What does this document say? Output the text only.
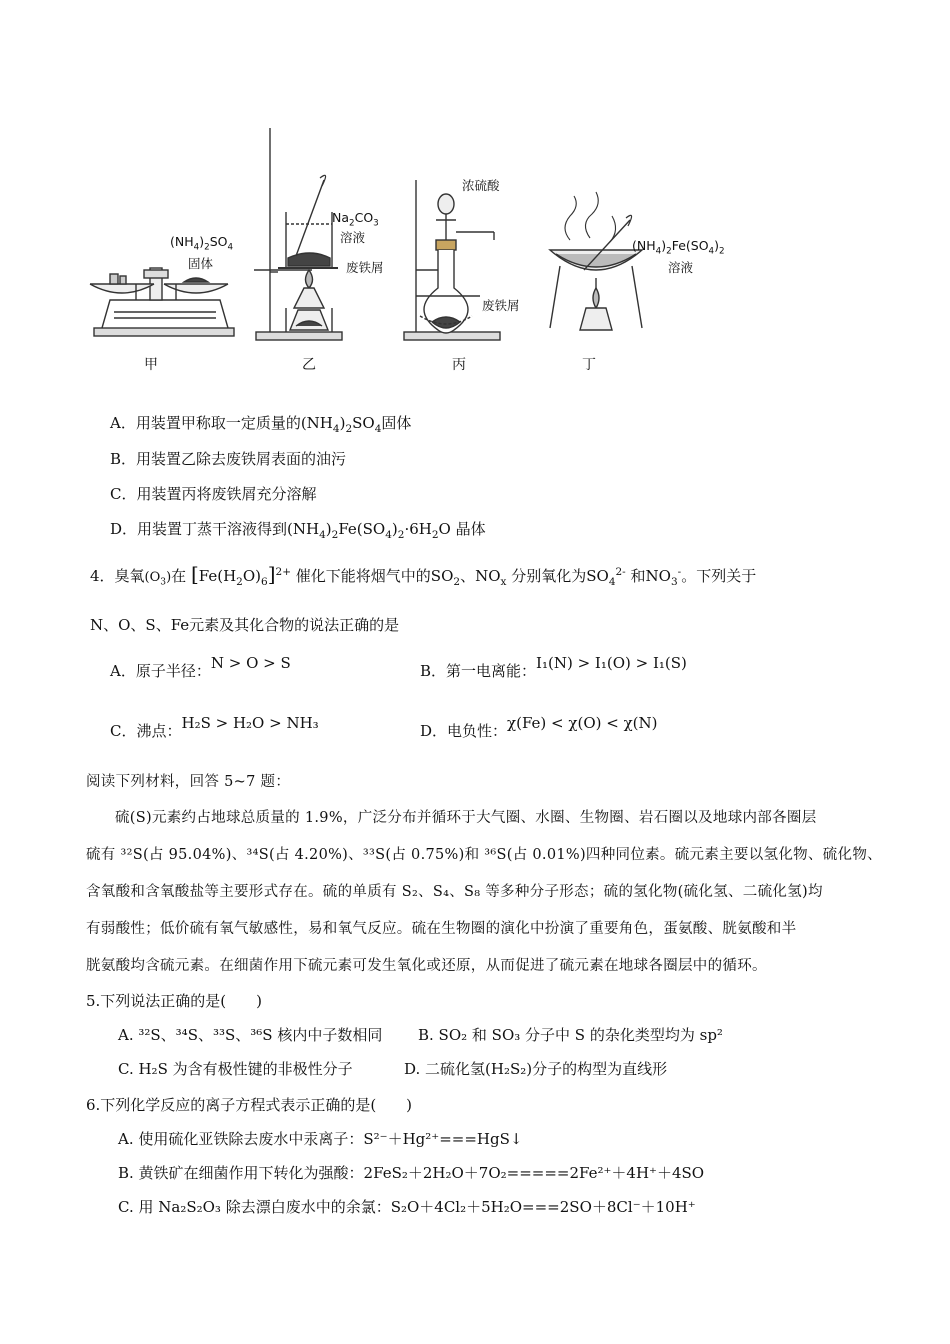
$(NH_4)_2SO_4$
固体
$Na_2CO_3$
溶液
废铁屑
浓硫酸
废铁屑
$(NH_4)_2Fe(SO_4)_2$
溶液
甲	乙	丙	丁
A．用装置甲称取一定质量的$(NH_4)_2SO_4$固体
B．用装置乙除去废铁屑表面的油污
C．用装置丙将废铁屑充分溶解
D．用装置丁蒸干溶液得到$(NH_4)_2Fe(SO_4)_2\cdot 6H_2O$ 晶体
4．臭氧$(O_3)$在 $[Fe(H_2O)_6]^{2+}$ 催化下能将烟气中的$SO_2$、$NO_x$ 分别氧化为$SO_4^{2-}$ 和$NO_3^-$。下列关于
N、O、S、Fe元素及其化合物的说法正确的是
A．原子半径：N > O > S	B．第一电离能：I₁(N) > I₁(O) > I₁(S)
C．沸点：H₂S > H₂O > NH₃	D．电负性：χ(Fe) < χ(O) < χ(N)
阅读下列材料，回答 5~7 题：
硫(S)元素约占地球总质量的 1.9%，广泛分布并循环于大气圈、水圈、生物圈、岩石圈以及地球内部各圈层
硫有 ³²S(占 95.04%)、³⁴S(占 4.20%)、³³S(占 0.75%)和 ³⁶S(占 0.01%)四种同位素。硫元素主要以氢化物、硫化物、
含氧酸和含氧酸盐等主要形式存在。硫的单质有 S₂、S₄、S₈ 等多种分子形态；硫的氢化物(硫化氢、二硫化氢)均
有弱酸性；低价硫有氧气敏感性，易和氧气反应。硫在生物圈的演化中扮演了重要角色，蛋氨酸、胱氨酸和半
胱氨酸均含硫元素。在细菌作用下硫元素可发生氧化或还原，从而促进了硫元素在地球各圈层中的循环。
5.下列说法正确的是(　　)
A. ³²S、³⁴S、³³S、³⁶S 核内中子数相同 B. SO₂ 和 SO₃ 分子中 S 的杂化类型均为 sp²
C. H₂S 为含有极性键的非极性分子	D. 二硫化氢(H₂S₂)分子的构型为直线形
6.下列化学反应的离子方程式表示正确的是(　　)
A. 使用硫化亚铁除去废水中汞离子：S²⁻＋Hg²⁺===HgS↓
B. 黄铁矿在细菌作用下转化为强酸：2FeS₂＋2H₂O＋7O₂=====2Fe²⁺＋4H⁺＋4SO
C. 用 Na₂S₂O₃ 除去漂白废水中的余氯：S₂O＋4Cl₂＋5H₂O===2SO＋8Cl⁻＋10H⁺
